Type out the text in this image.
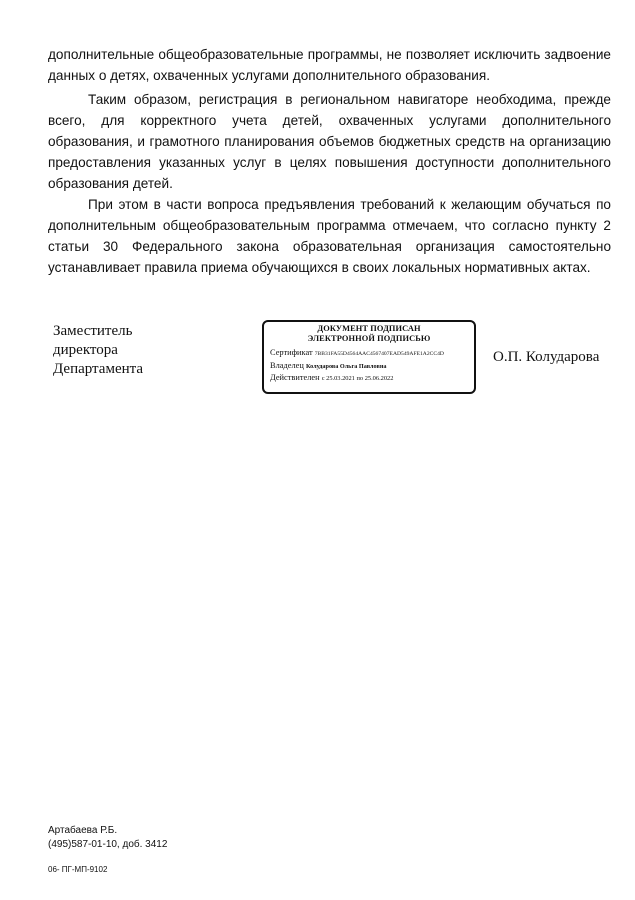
дополнительные общеобразовательные программы, не позволяет исключить задвоение данных о детях, охваченных услугами дополнительного образования.

Таким образом, регистрация в региональном навигаторе необходима, прежде всего, для корректного учета детей, охваченных услугами дополнительного образования, и грамотного планирования объемов бюджетных средств на организацию предоставления указанных услуг в целях повышения доступности дополнительного образования детей.

При этом в части вопроса предъявления требований к желающим обучаться по дополнительным общеобразовательным программа отмечаем, что согласно пункту 2 статьи 30 Федерального закона образовательная организация самостоятельно устанавливает правила приема обучающихся в своих локальных нормативных актах.

Заместитель
директора
Департамента
ДОКУМЕНТ ПОДПИСАН
ЭЛЕКТРОННОЙ ПОДПИСЬЮ
Сертификат 7BB31FA55D4564AAC4567407EAD549AFE1A2CC4D
Владелец Колударова Ольга Павловна
Действителен с 25.03.2021 по 25.06.2022
О.П. Колударова
Артабаева Р.Б.
(495)587-01-10, доб. 3412
06- ПГ-МП-9102
